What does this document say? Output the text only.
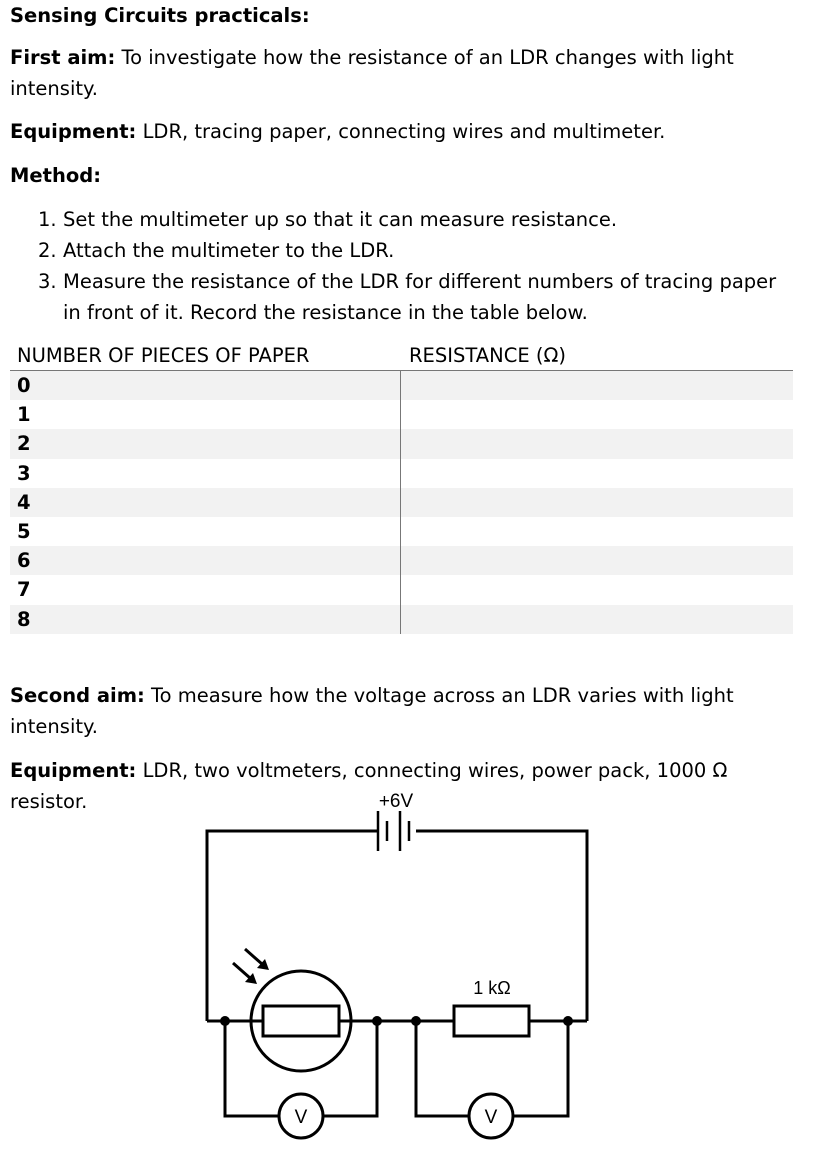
Sensing Circuits practicals:

First aim: To investigate how the resistance of an LDR changes with light intensity.

Equipment: LDR, tracing paper, connecting wires and multimeter.

Method:

1. Set the multimeter up so that it can measure resistance.
2. Attach the multimeter to the LDR.
3. Measure the resistance of the LDR for different numbers of tracing paper in front of it. Record the resistance in the table below.
NUMBER OF PIECES OF PAPER	RESISTANCE (Ω)
0
1
2
3
4
5
6
7
8

Second aim: To measure how the voltage across an LDR varies with light intensity.

Equipment: LDR, two voltmeters, connecting wires, power pack, 1000 Ω resistor.	+6V
1 kΩ
V	V
